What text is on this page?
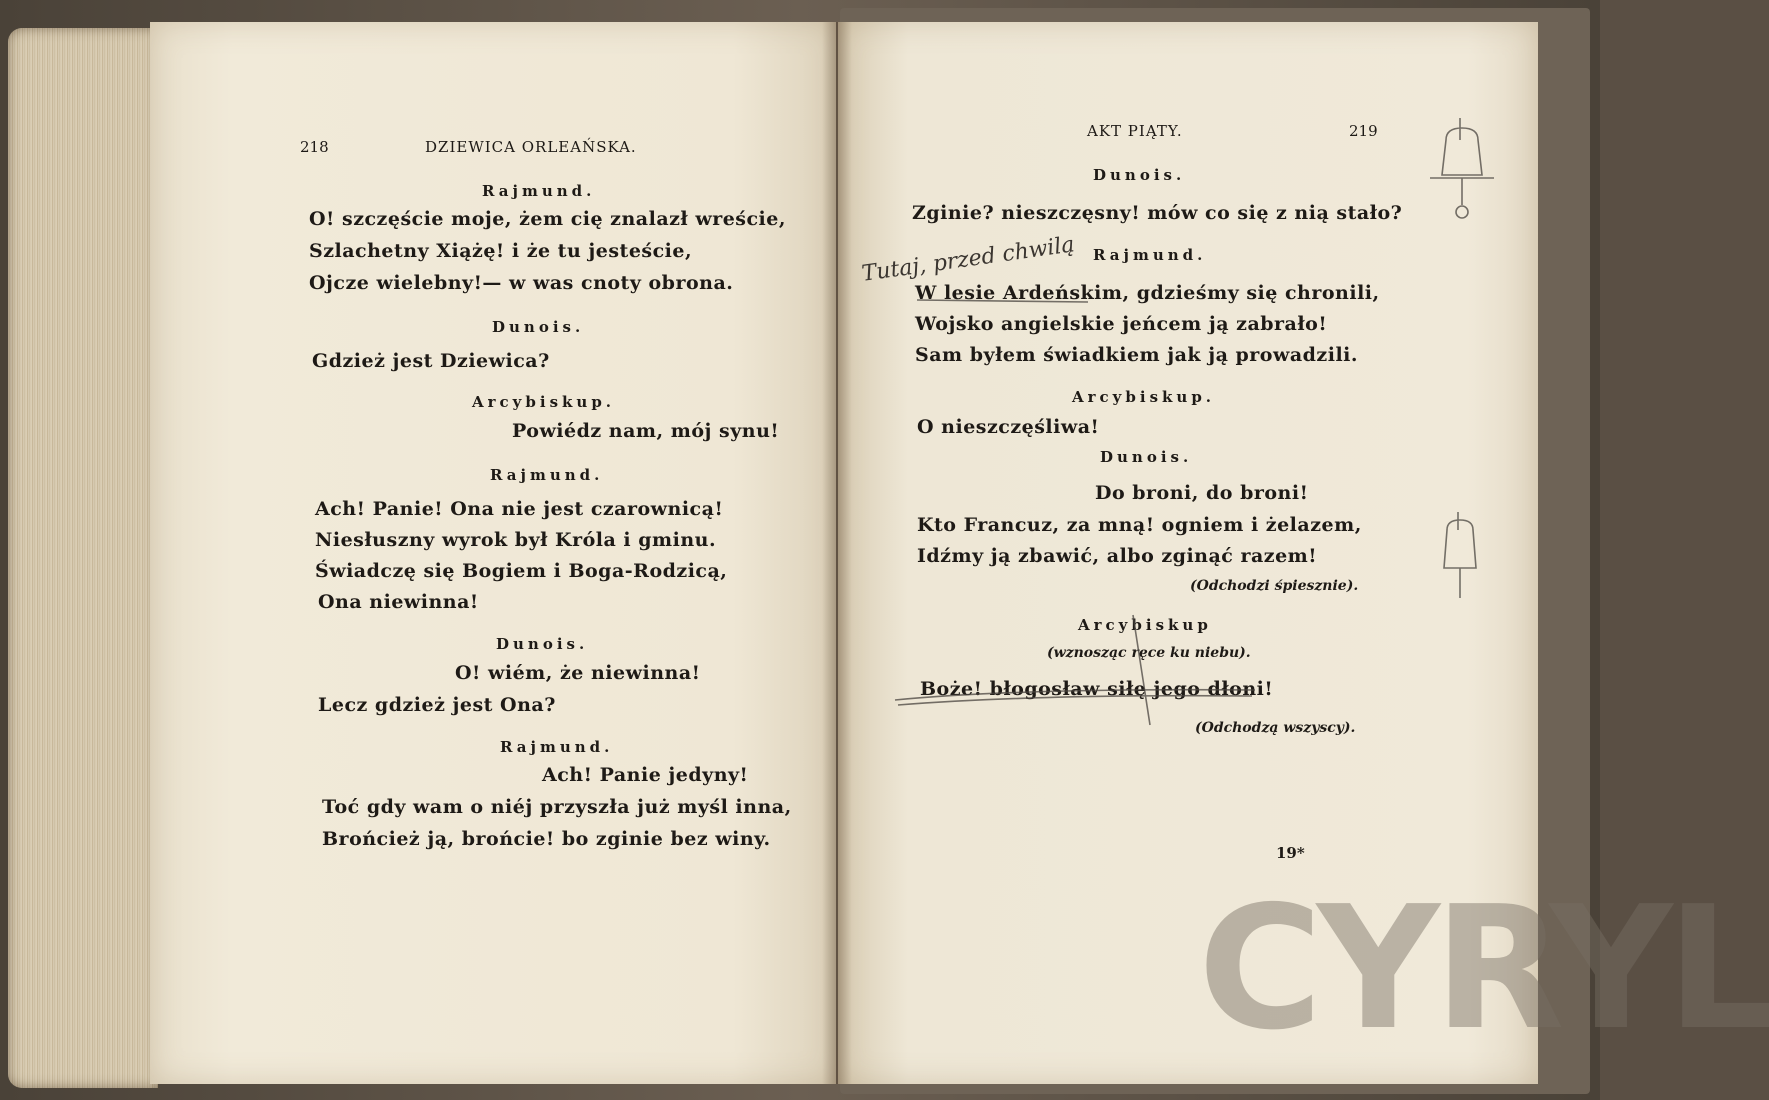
218	DZIEWICA ORLEAŃSKA.
Rajmund.
O! szczęście moje, żem cię znalazł wreście,
Szlachetny Xiążę! i że tu jesteście,
Ojcze wielebny!— w was cnoty obrona.
Dunois.
Gdzież jest Dziewica?
Arcybiskup.
Powiédz nam, mój synu!
Rajmund.
Ach! Panie! Ona nie jest czarownicą!
Niesłuszny wyrok był Króla i gminu.
Świadczę się Bogiem i Boga-Rodzicą,
Ona niewinna!
Dunois.
O! wiém, że niewinna!
Lecz gdzież jest Ona?
Rajmund.
Ach! Panie jedyny!
Toć gdy wam o niéj przyszła już myśl inna,
Brońcież ją, brońcie! bo zginie bez winy.
AKT PIĄTY.	219
Dunois.
Zginie? nieszczęsny! mów co się z nią stało?
Rajmund.
Tutaj, przed chwilą
W lesie Ardeńskim, gdzieśmy się chronili,
Wojsko angielskie jeńcem ją zabrało!
Sam byłem świadkiem jak ją prowadzili.
Arcybiskup.
O nieszczęśliwa!
Dunois.
Do broni, do broni!
Kto Francuz, za mną! ogniem i żelazem,
Idźmy ją zbawić, albo zginąć razem!
(Odchodzi śpiesznie).
Arcybiskup
(wznosząc ręce ku niebu).
Boże! błogosław siłę jego dłoni!
(Odchodzą wszyscy).
19*
CYRYL
